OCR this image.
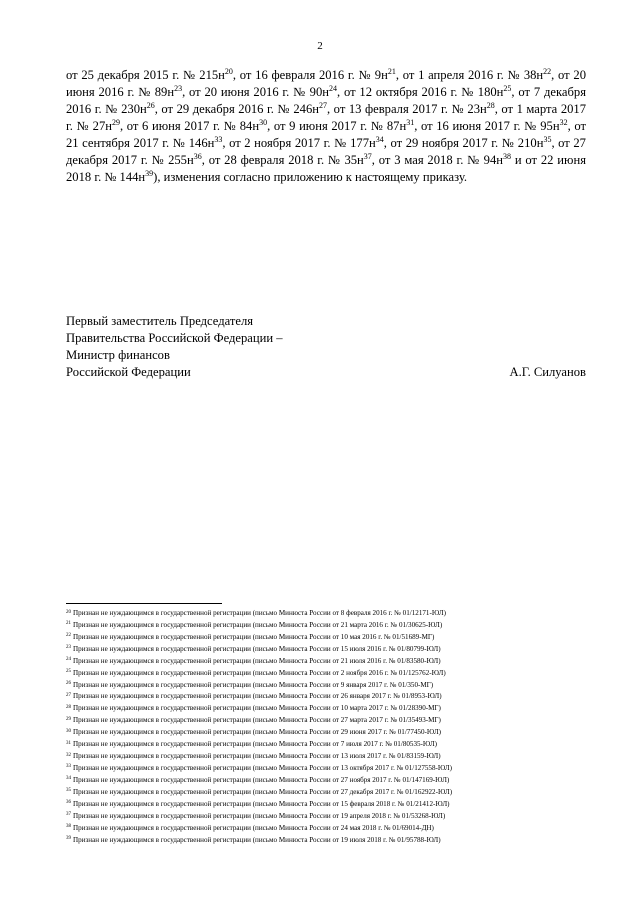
2

от 25 декабря 2015 г. № $215н^{20}$, от 16 февраля 2016 г. № $9н^{21}$, от 1 апреля 2016 г. № $38н^{22}$, от 20 июня 2016 г. № $89н^{23}$, от 20 июня 2016 г. № $90н^{24}$, от 12 октября 2016 г. № $180н^{25}$, от 7 декабря 2016 г. № $230н^{26}$, от 29 декабря 2016 г. № $246н^{27}$, от 13 февраля 2017 г. № $23н^{28}$, от 1 марта 2017 г. № $27н^{29}$, от 6 июня 2017 г. № $84н^{30}$, от 9 июня 2017 г. № $87н^{31}$, от 16 июня 2017 г. № $95н^{32}$, от 21 сентября 2017 г. № $146н^{33}$, от 2 ноября 2017 г. № $177н^{34}$, от 29 ноября 2017 г. № $210н^{35}$, от 27 декабря 2017 г. № $255н^{36}$, от 28 февраля 2018 г. № $35н^{37}$, от 3 мая 2018 г. № $94н^{38}$ и от 22 июня 2018 г. № $144н^{39}$), изменения согласно приложению к настоящему приказу.

Первый заместитель Председателя
Правительства Российской Федерации –
Министр финансов
Российской Федерации	А.Г. Силуанов
$^{20}$ Признан не нуждающимся в государственной регистрации (письмо Минюста России от 8 февраля 2016 г. № 01/12171-ЮЛ)
$^{21}$ Признан не нуждающимся в государственной регистрации (письмо Минюста России от 21 марта 2016 г. № 01/30625-ЮЛ)
$^{22}$ Признан не нуждающимся в государственной регистрации (письмо Минюста России от 10 мая 2016 г. № 01/51689-МГ)
$^{23}$ Признан не нуждающимся в государственной регистрации (письмо Минюста России от 15 июля 2016 г. № 01/80799-ЮЛ)
$^{24}$ Признан не нуждающимся в государственной регистрации (письмо Минюста России от 21 июля 2016 г. № 01/83580-ЮЛ)
$^{25}$ Признан не нуждающимся в государственной регистрации (письмо Минюста России от 2 ноября 2016 г. № 01/125762-ЮЛ)
$^{26}$ Признан не нуждающимся в государственной регистрации (письмо Минюста России от 9 января 2017 г. № 01/350-МГ)
$^{27}$ Признан не нуждающимся в государственной регистрации (письмо Минюста России от 26 января 2017 г. № 01/8953-ЮЛ)
$^{28}$ Признан не нуждающимся в государственной регистрации (письмо Минюста России от 10 марта 2017 г. № 01/28390-МГ)
$^{29}$ Признан не нуждающимся в государственной регистрации (письмо Минюста России от 27 марта 2017 г. № 01/35493-МГ)
$^{30}$ Признан не нуждающимся в государственной регистрации (письмо Минюста России от 29 июня 2017 г. № 01/77450-ЮЛ)
$^{31}$ Признан не нуждающимся в государственной регистрации (письмо Минюста России от 7 июля 2017 г. № 01/80535-ЮЛ)
$^{32}$ Признан не нуждающимся в государственной регистрации (письмо Минюста России от 13 июля 2017 г. № 01/83159-ЮЛ)
$^{33}$ Признан не нуждающимся в государственной регистрации (письмо Минюста России от 13 октября 2017 г. № 01/127558-ЮЛ)
$^{34}$ Признан не нуждающимся в государственной регистрации (письмо Минюста России от 27 ноября 2017 г. № 01/147169-ЮЛ)
$^{35}$ Признан не нуждающимся в государственной регистрации (письмо Минюста России от 27 декабря 2017 г. № 01/162922-ЮЛ)
$^{36}$ Признан не нуждающимся в государственной регистрации (письмо Минюста России от 15 февраля 2018 г. № 01/21412-ЮЛ)
$^{37}$ Признан не нуждающимся в государственной регистрации (письмо Минюста России от 19 апреля 2018 г. № 01/53268-ЮЛ)
$^{38}$ Признан не нуждающимся в государственной регистрации (письмо Минюста России от 24 мая 2018 г. № 01/69014-ДН)
$^{39}$ Признан не нуждающимся в государственной регистрации (письмо Минюста России от 19 июля 2018 г. № 01/95788-ЮЛ)
